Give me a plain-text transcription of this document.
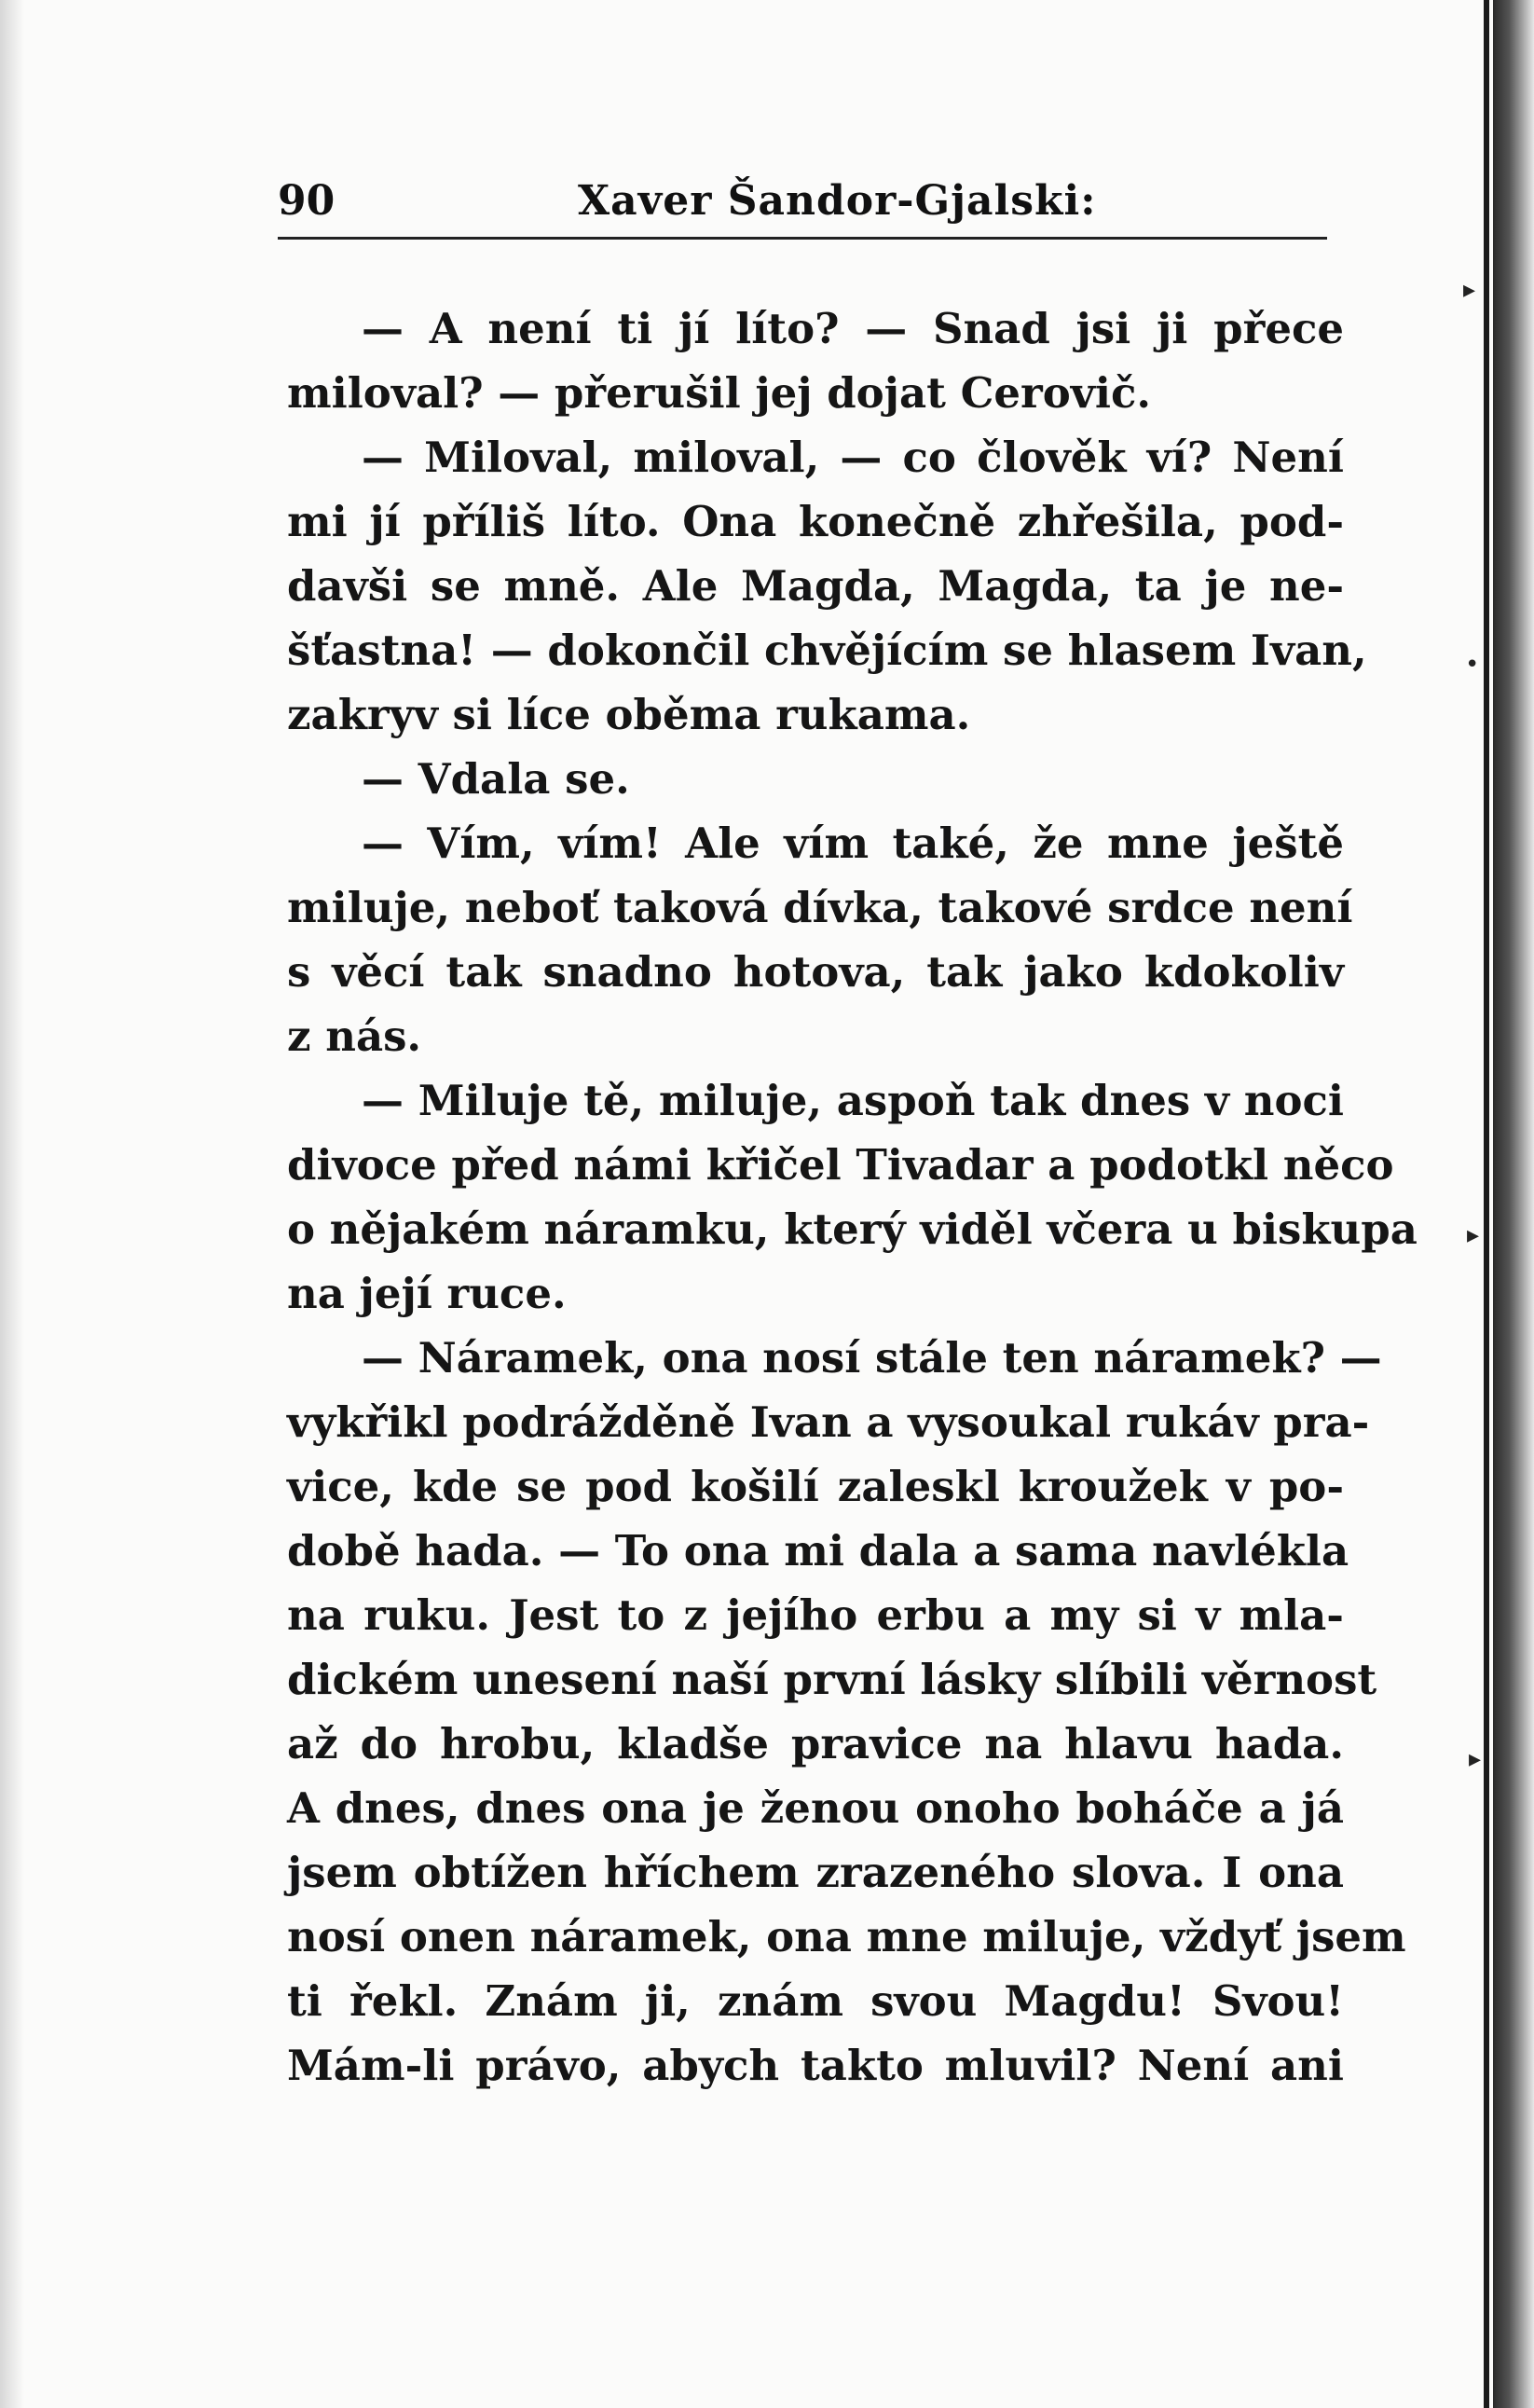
▸
•
▸
▸
90	Xaver Šandor-Gjalski:
— A není ti jí líto? — Snad jsi ji přece
miloval? — přerušil jej dojat Cerovič.
— Miloval, miloval, — co člověk ví? Není
mi jí příliš líto. Ona konečně zhřešila, pod-
davši se mně. Ale Magda, Magda, ta je ne-
šťastna! — dokončil chvějícím se hlasem Ivan,
zakryv si líce oběma rukama.
— Vdala se.
— Vím, vím! Ale vím také, že mne ještě
miluje, neboť taková dívka, takové srdce není
s věcí tak snadno hotova, tak jako kdokoliv
z nás.
— Miluje tě, miluje, aspoň tak dnes v noci
divoce před námi křičel Tivadar a podotkl něco
o nějakém náramku, který viděl včera u biskupa
na její ruce.
— Náramek, ona nosí stále ten náramek? —
vykřikl podrážděně Ivan a vysoukal rukáv pra-
vice, kde se pod košilí zaleskl kroužek v po-
době hada. — To ona mi dala a sama navlékla
na ruku. Jest to z jejího erbu a my si v mla-
dickém unesení naší první lásky slíbili věrnost
až do hrobu, kladše pravice na hlavu hada.
A dnes, dnes ona je ženou onoho boháče a já
jsem obtížen hříchem zrazeného slova. I ona
nosí onen náramek, ona mne miluje, vždyť jsem
ti řekl. Znám ji, znám svou Magdu! Svou!
Mám-li právo, abych takto mluvil? Není ani
